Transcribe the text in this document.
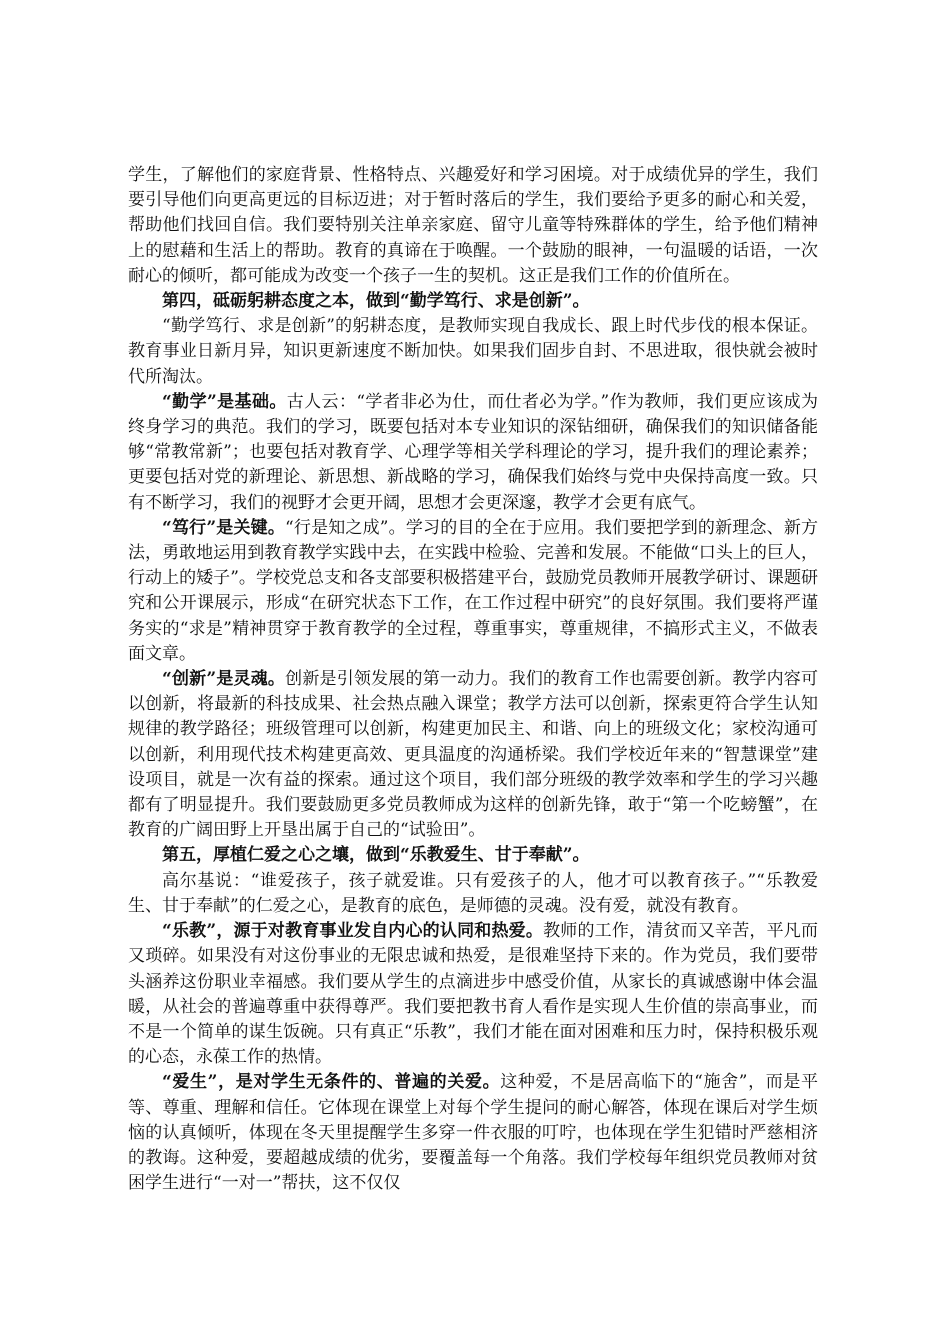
学生，了解他们的家庭背景、性格特点、兴趣爱好和学习困境。对于成绩优异的学生，我们要引导他们向更高更远的目标迈进；对于暂时落后的学生，我们要给予更多的耐心和关爱，帮助他们找回自信。我们要特别关注单亲家庭、留守儿童等特殊群体的学生，给予他们精神上的慰藉和生活上的帮助。教育的真谛在于唤醒。一个鼓励的眼神，一句温暖的话语，一次耐心的倾听，都可能成为改变一个孩子一生的契机。这正是我们工作的价值所在。

第四，砥砺躬耕态度之本，做到“勤学笃行、求是创新”。

“勤学笃行、求是创新”的躬耕态度，是教师实现自我成长、跟上时代步伐的根本保证。教育事业日新月异，知识更新速度不断加快。如果我们固步自封、不思进取，很快就会被时代所淘汰。

“勤学”是基础。古人云：“学者非必为仕，而仕者必为学。”作为教师，我们更应该成为终身学习的典范。我们的学习，既要包括对本专业知识的深钻细研，确保我们的知识储备能够“常教常新”；也要包括对教育学、心理学等相关学科理论的学习，提升我们的理论素养；更要包括对党的新理论、新思想、新战略的学习，确保我们始终与党中央保持高度一致。只有不断学习，我们的视野才会更开阔，思想才会更深邃，教学才会更有底气。

“笃行”是关键。“行是知之成”。学习的目的全在于应用。我们要把学到的新理念、新方法，勇敢地运用到教育教学实践中去，在实践中检验、完善和发展。不能做“口头上的巨人，行动上的矮子”。学校党总支和各支部要积极搭建平台，鼓励党员教师开展教学研讨、课题研究和公开课展示，形成“在研究状态下工作，在工作过程中研究”的良好氛围。我们要将严谨务实的“求是”精神贯穿于教育教学的全过程，尊重事实，尊重规律，不搞形式主义，不做表面文章。

“创新”是灵魂。创新是引领发展的第一动力。我们的教育工作也需要创新。教学内容可以创新，将最新的科技成果、社会热点融入课堂；教学方法可以创新，探索更符合学生认知规律的教学路径；班级管理可以创新，构建更加民主、和谐、向上的班级文化；家校沟通可以创新，利用现代技术构建更高效、更具温度的沟通桥梁。我们学校近年来的“智慧课堂”建设项目，就是一次有益的探索。通过这个项目，我们部分班级的教学效率和学生的学习兴趣都有了明显提升。我们要鼓励更多党员教师成为这样的创新先锋，敢于“第一个吃螃蟹”，在教育的广阔田野上开垦出属于自己的“试验田”。

第五，厚植仁爱之心之壤，做到“乐教爱生、甘于奉献”。

高尔基说：“谁爱孩子，孩子就爱谁。只有爱孩子的人，他才可以教育孩子。”“乐教爱生、甘于奉献”的仁爱之心，是教育的底色，是师德的灵魂。没有爱，就没有教育。

“乐教”，源于对教育事业发自内心的认同和热爱。教师的工作，清贫而又辛苦，平凡而又琐碎。如果没有对这份事业的无限忠诚和热爱，是很难坚持下来的。作为党员，我们要带头涵养这份职业幸福感。我们要从学生的点滴进步中感受价值，从家长的真诚感谢中体会温暖，从社会的普遍尊重中获得尊严。我们要把教书育人看作是实现人生价值的崇高事业，而不是一个简单的谋生饭碗。只有真正“乐教”，我们才能在面对困难和压力时，保持积极乐观的心态，永葆工作的热情。

“爱生”，是对学生无条件的、普遍的关爱。这种爱，不是居高临下的“施舍”，而是平等、尊重、理解和信任。它体现在课堂上对每个学生提问的耐心解答，体现在课后对学生烦恼的认真倾听，体现在冬天里提醒学生多穿一件衣服的叮咛，也体现在学生犯错时严慈相济的教诲。这种爱，要超越成绩的优劣，要覆盖每一个角落。我们学校每年组织党员教师对贫困学生进行“一对一”帮扶，这不仅仅
